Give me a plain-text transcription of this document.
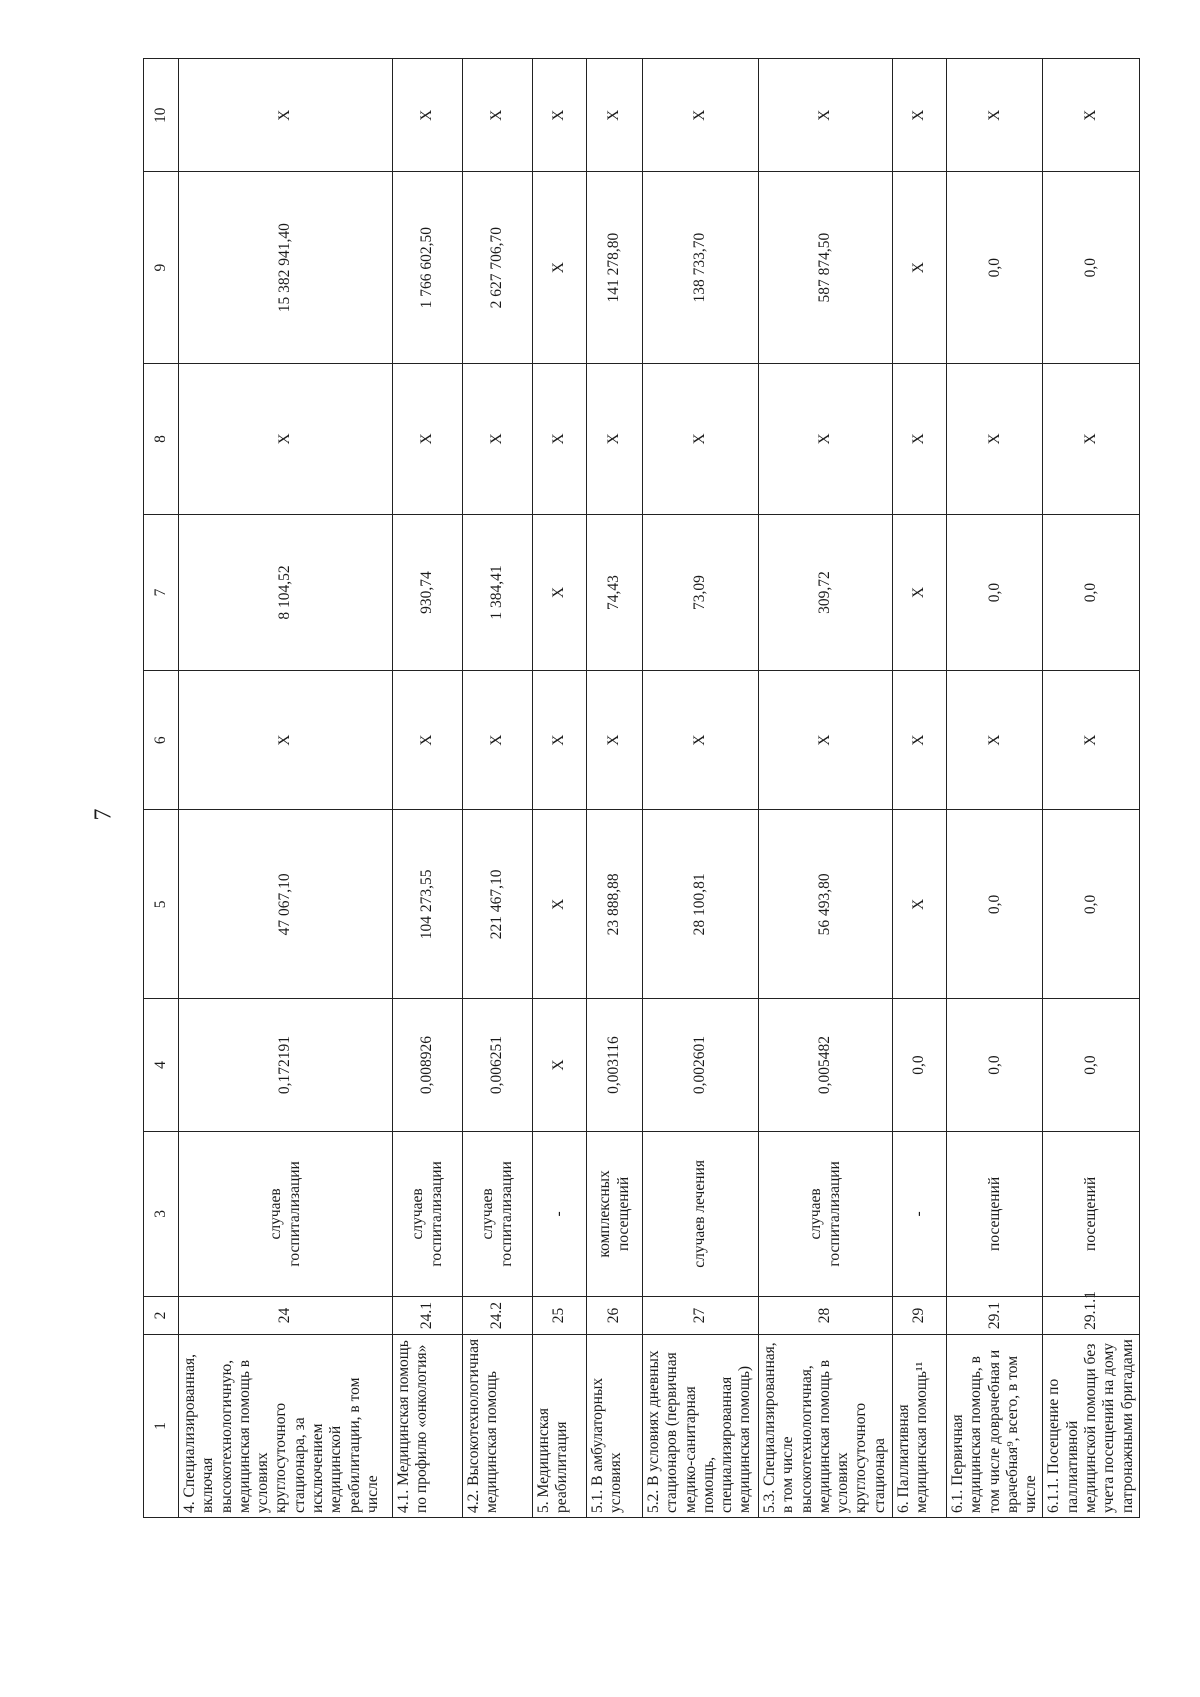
7
1	2	3	4	5	6	7	8	9	10
4. Специализированная, включая высокотехнологичную, медицинская помощь в условиях круглосуточного стационара, за исключением медицинской реабилитации, в том числе	24	случаев госпитализации	0,172191	47 067,10	X	8 104,52	X	15 382 941,40	X
4.1. Медицинская помощь по профилю «онкология»	24.1	случаев госпитализации	0,008926	104 273,55	X	930,74	X	1 766 602,50	X
4.2. Высокотехнологичная медицинская помощь	24.2	случаев госпитализации	0,006251	221 467,10	X	1 384,41	X	2 627 706,70	X
5. Медицинская реабилитация	25	-	X	X	X	X	X	X	X
5.1. В амбулаторных условиях	26	комплексных посещений	0,003116	23 888,88	X	74,43	X	141 278,80	X
5.2. В условиях дневных стационаров (первичная медико-санитарная помощь, специализированная медицинская помощь)	27	случаев лечения	0,002601	28 100,81	X	73,09	X	138 733,70	X
5.3. Специализированная, в том числе высокотехнологичная, медицинская помощь в условиях круглосуточного стационара	28	случаев госпитализации	0,005482	56 493,80	X	309,72	X	587 874,50	X
6. Паллиативная медицинская помощь¹¹	29	-	0,0	X	X	X	X	X	X
6.1. Первичная медицинская помощь, в том числе доврачебная и врачебная⁹, всего, в том числе	29.1	посещений	0,0	0,0	X	0,0	X	0,0	X
6.1.1. Посещение по паллиативной медицинской помощи без учета посещений на дому патронажными бригадами	29.1.1	посещений	0,0	0,0	X	0,0	X	0,0	X
